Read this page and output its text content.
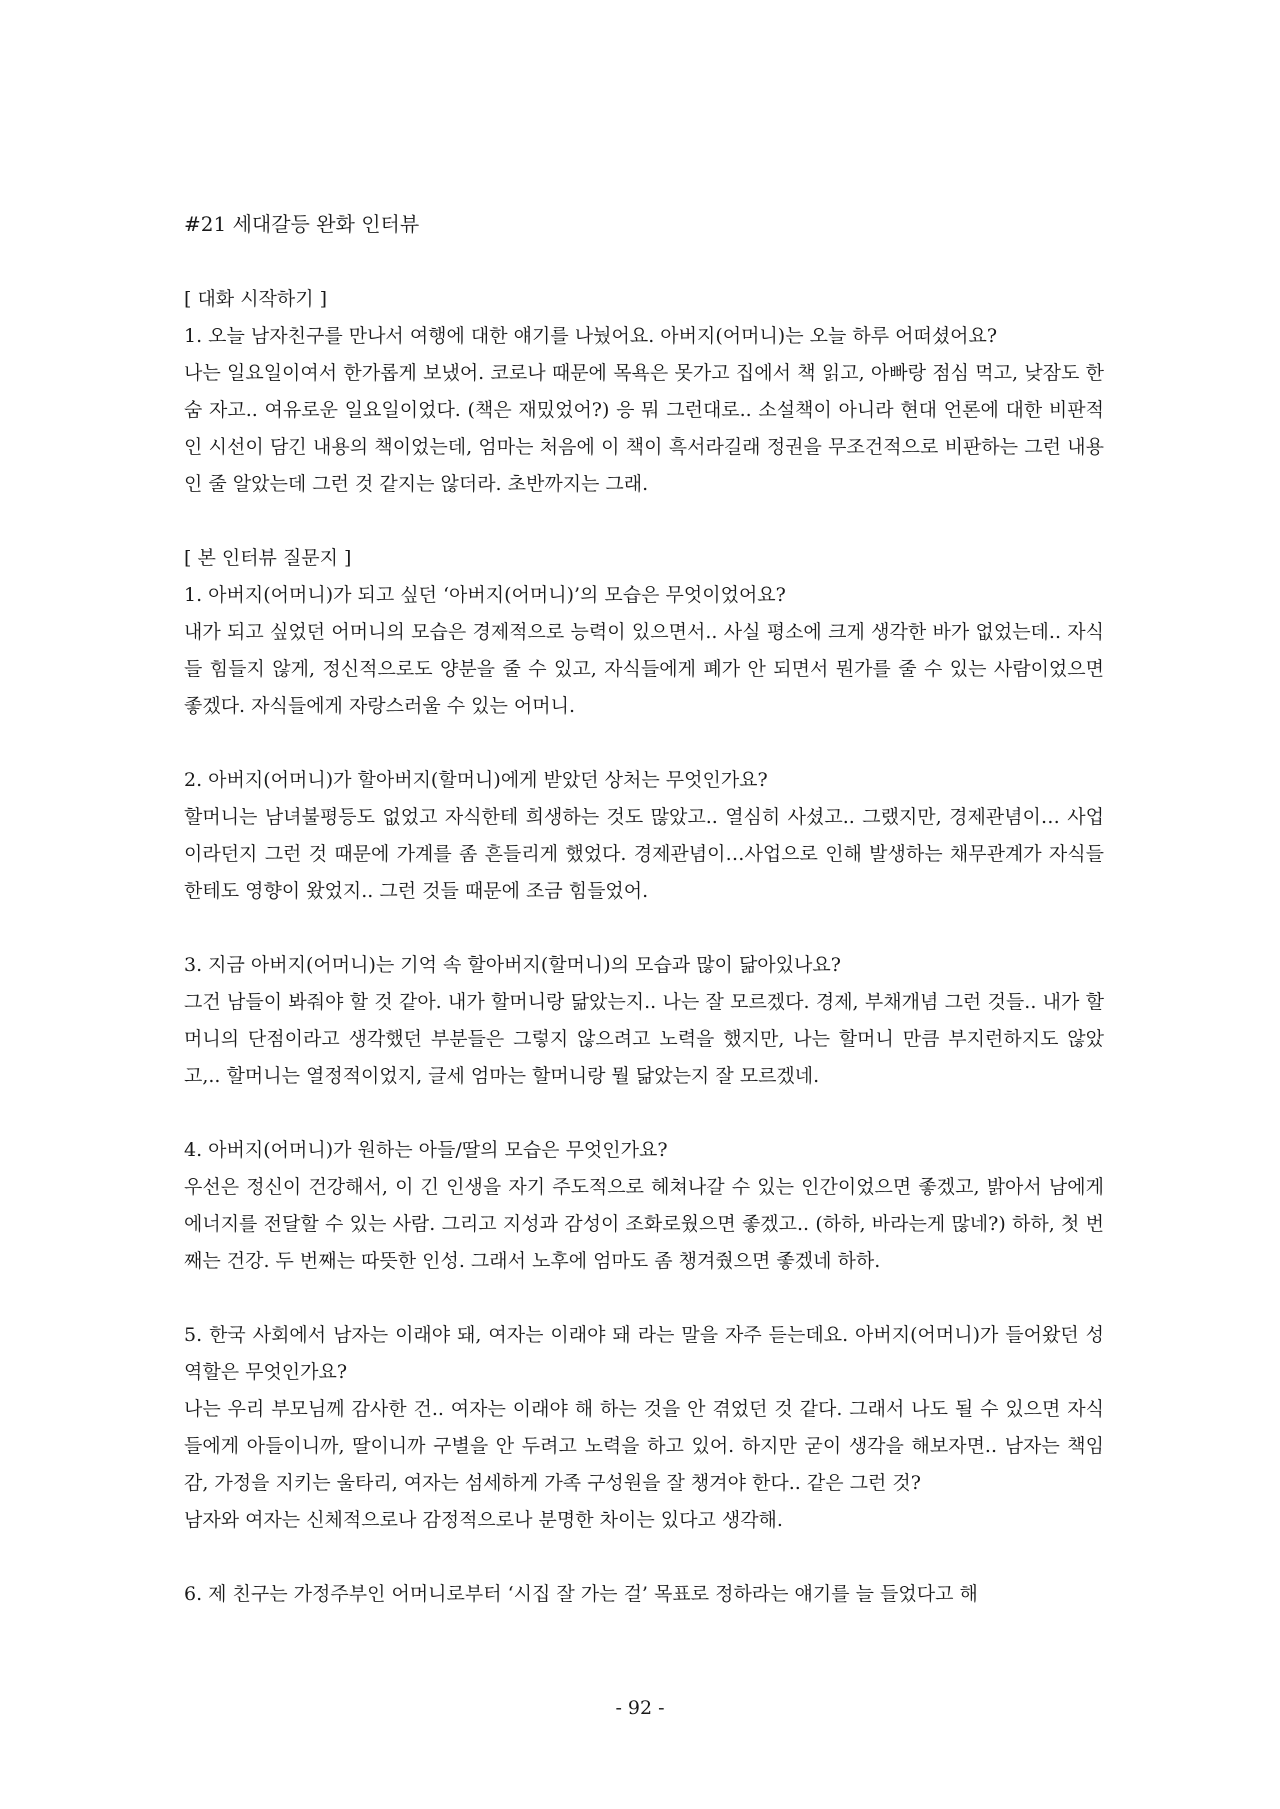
#21 세대갈등 완화 인터뷰

[ 대화 시작하기 ]

1. 오늘 남자친구를 만나서 여행에 대한 얘기를 나눴어요. 아버지(어머니)는 오늘 하루 어떠셨어요?

나는 일요일이여서 한가롭게 보냈어. 코로나 때문에 목욕은 못가고 집에서 책 읽고, 아빠랑 점심 먹고, 낮잠도 한 숨 자고.. 여유로운 일요일이었다. (책은 재밌었어?) 응 뭐 그런대로.. 소설책이 아니라 현대 언론에 대한 비판적인 시선이 담긴 내용의 책이었는데, 엄마는 처음에 이 책이 흑서라길래 정권을 무조건적으로 비판하는 그런 내용인 줄 알았는데 그런 것 같지는 않더라. 초반까지는 그래.

[ 본 인터뷰 질문지 ]

1. 아버지(어머니)가 되고 싶던 ‘아버지(어머니)’의 모습은 무엇이었어요?

내가 되고 싶었던 어머니의 모습은 경제적으로 능력이 있으면서.. 사실 평소에 크게 생각한 바가 없었는데.. 자식들 힘들지 않게, 정신적으로도 양분을 줄 수 있고, 자식들에게 폐가 안 되면서 뭔가를 줄 수 있는 사람이었으면 좋겠다. 자식들에게 자랑스러울 수 있는 어머니.

2. 아버지(어머니)가 할아버지(할머니)에게 받았던 상처는 무엇인가요?

할머니는 남녀불평등도 없었고 자식한테 희생하는 것도 많았고.. 열심히 사셨고.. 그랬지만, 경제관념이… 사업이라던지 그런 것 때문에 가계를 좀 흔들리게 했었다. 경제관념이…사업으로 인해 발생하는 채무관계가 자식들한테도 영향이 왔었지.. 그런 것들 때문에 조금 힘들었어.

3. 지금 아버지(어머니)는 기억 속 할아버지(할머니)의 모습과 많이 닮아있나요?

그건 남들이 봐줘야 할 것 같아. 내가 할머니랑 닮았는지.. 나는 잘 모르겠다. 경제, 부채개념 그런 것들.. 내가 할머니의 단점이라고 생각했던 부분들은 그렇지 않으려고 노력을 했지만, 나는 할머니 만큼 부지런하지도 않았고,.. 할머니는 열정적이었지, 글세 엄마는 할머니랑 뭘 닮았는지 잘 모르겠네.

4. 아버지(어머니)가 원하는 아들/딸의 모습은 무엇인가요?

우선은 정신이 건강해서, 이 긴 인생을 자기 주도적으로 헤쳐나갈 수 있는 인간이었으면 좋겠고, 밝아서 남에게 에너지를 전달할 수 있는 사람. 그리고 지성과 감성이 조화로웠으면 좋겠고.. (하하, 바라는게 많네?) 하하, 첫 번째는 건강. 두 번째는 따뜻한 인성. 그래서 노후에 엄마도 좀 챙겨줬으면 좋겠네 하하.

5. 한국 사회에서 남자는 이래야 돼, 여자는 이래야 돼 라는 말을 자주 듣는데요. 아버지(어머니)가 들어왔던 성역할은 무엇인가요?

나는 우리 부모님께 감사한 건.. 여자는 이래야 해 하는 것을 안 겪었던 것 같다. 그래서 나도 될 수 있으면 자식들에게 아들이니까, 딸이니까 구별을 안 두려고 노력을 하고 있어. 하지만 굳이 생각을 해보자면.. 남자는 책임감, 가정을 지키는 울타리, 여자는 섬세하게 가족 구성원을 잘 챙겨야 한다.. 같은 그런 것?

남자와 여자는 신체적으로나 감정적으로나 분명한 차이는 있다고 생각해.

6. 제 친구는 가정주부인 어머니로부터 ‘시집 잘 가는 걸’ 목표로 정하라는 얘기를 늘 들었다고 해

- 92 -
